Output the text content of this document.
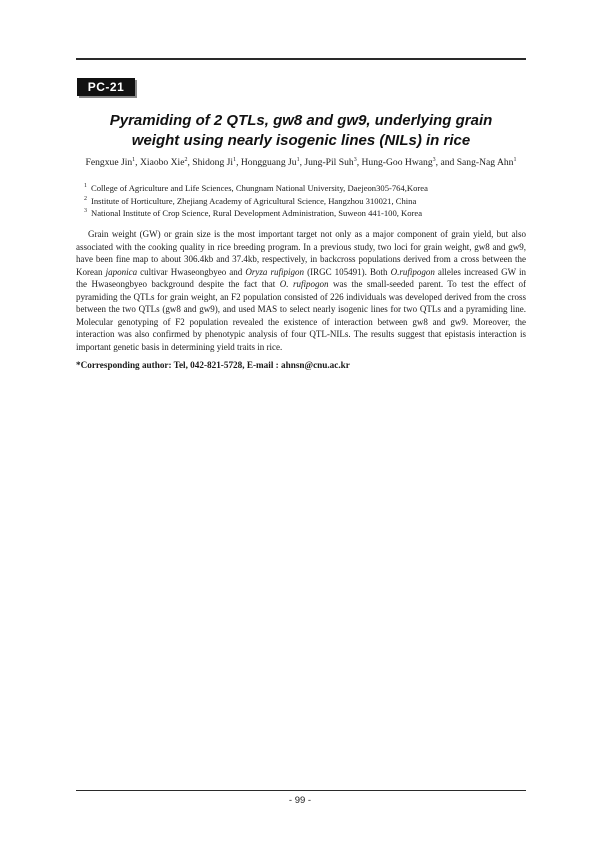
PC-21
Pyramiding of 2 QTLs, gw8 and gw9, underlying grain
weight using nearly isogenic lines (NILs) in rice
Fengxue Jin$^1$, Xiaobo Xie$^2$, Shidong Ji$^1$, Hongguang Ju$^1$, Jung-Pil Suh$^3$, Hung-Goo Hwang$^3$, and Sang-Nag Ahn$^1$
$^1$ College of Agriculture and Life Sciences, Chungnam National University, Daejeon305-764,Korea
$^2$ Institute of Horticulture, Zhejiang Academy of Agricultural Science, Hangzhou 310021, China
$^3$ National Institute of Crop Science, Rural Development Administration, Suweon 441-100, Korea
Grain weight (GW) or grain size is the most important target not only as a major component of grain yield, but also associated with the cooking quality in rice breeding program. In a previous study, two loci for grain weight, gw8 and gw9, have been fine map to about 306.4kb and 37.4kb, respectively, in backcross populations derived from a cross between the Korean japonica cultivar Hwaseongbyeo and Oryza rufipigon (IRGC 105491). Both O.rufipogon alleles increased GW in the Hwaseongbyeo background despite the fact that O. rufipogon was the small-seeded parent. To test the effect of pyramiding the QTLs for grain weight, an F2 population consisted of 226 individuals was developed derived from the cross between the two QTLs (gw8 and gw9), and used MAS to select nearly isogenic lines for two QTLs and a pyramiding line. Molecular genotyping of F2 population revealed the existence of interaction between gw8 and gw9. Moreover, the interaction was also confirmed by phenotypic analysis of four QTL-NILs. The results suggest that epistasis interaction is important genetic basis in determining yield traits in rice.
*Corresponding author: Tel, 042-821-5728, E-mail : ahnsn@cnu.ac.kr
- 99 -
